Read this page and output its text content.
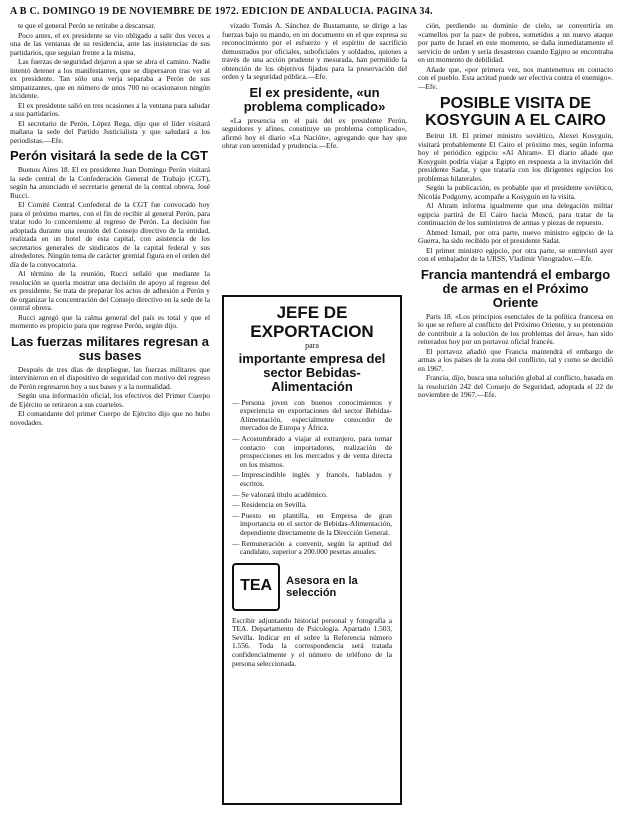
A B C. DOMINGO 19 DE NOVIEMBRE DE 1972. EDICION DE ANDALUCIA. PAGINA 34.

te que el general Perón se retirabe a descansar.

Poco antes, el ex presidente se vio obligado a salir dos veces a una de las ventanas de su residencia, ante las insistencias de sus partidarios, que seguían frente a la misma.

Las fuerzas de seguridad dejaron a que se abra el camino. Nadie intentó detener a los manifestantes, que se dispersaron tras ver al ex presidente. Tan sólo una verja separaba a Perón de sus simpatizantes, que en número de unos 700 no ocasionaron ningún incidente.

El ex presidente salió en tres ocasiones a la ventana para saludar a sus partidarios.

El secretario de Perón, López Rega, dijo que el líder visitará mañana la sede del Partido Justicialista y que saludará a los periodistas.—Efe.

Perón visitará la sede de la CGT

Buenos Aires 18. El ex presidente Juan Domingo Perón visitará la sede central de la Confederación General de Trabajo (CGT), según ha anunciado el secretario general de la central obrera, José Rucci.

El Comité Central Confederal de la CGT fue convocado hoy para el próximo martes, con el fin de recibir al general Perón, para tratar todo lo concerniente al regreso de Perón. La decisión fue adoptada durante una reunión del Consejo directivo de la entidad, realizada en un hotel de esta capital, con asistencia de los secretarios generales de sindicatos de la capital federal y sus alrededores. Ningún tema de carácter gremial figura en el orden del día de la convocatoria.

Al término de la reunión, Rucci señaló que mediante la resolución se quería mostrar una decisión de apoyo al regreso del ex presidente. Se trata de preparar los actos de adhesión a Perón y de organizar la concentración del Consejo directivo en la sede de la central obrera.

Rucci agregó que la calma general del país es total y que el momento es propicio para que regrese Perón, según dijo.

Las fuerzas militares regresan a sus bases

Después de tres días de despliegue, las fuerzas militares que intervinieron en el dispositivo de seguridad con motivo del regreso de Perón regresaron hoy a sus bases y a la normalidad.

Según una información oficial, los efectivos del Primer Cuerpo de Ejército se retiraron a sus cuarteles.

El comandante del primer Cuerpo de Ejército dijo que no hubo novedades.

vizado Tomás A. Sánchez de Bustamante, se dirige a las fuerzas bajo su mando, en un documento en el que expresa su reconocimiento por el esfuerzo y el espíritu de sacrificio demostrados por oficiales, suboficiales y soldados, quienes a través de una acción prudente y mesurada, han permitido la obtención de los objetivos fijados para la preservación del orden y la seguridad pública.—Efe.

El ex presidente, «un problema complicado»

«La presencia en el país del ex presidente Perón, seguidores y afines, constituye un problema complicado», afirmó hoy el diario «La Nación», agregando que hay que obrar con serenidad y prudencia.—Efe.

JEFE DE EXPORTACION
para
importante empresa del sector Bebidas-Alimentación
— Persona joven con buenos conocimientos y experiencia en exportaciones del sector Bebidas-Alimentación, especialmente conocedor de mercados de Europa y África.
— Acostumbrado a viajar al extranjero, para tomar contacto con importadores, realización de prospecciones en los mercados y de venta directa en los mismos.
— Imprescindible inglés y francés, hablados y escritos.
— Se valorará título académico.
— Residencia en Sevilla.
— Puesto en plantilla, en Empresa de gran importancia en el sector de Bebidas-Alimentación, dependiente directamente de la Dirección General.
— Remuneración a convenir, según la aptitud del candidato, superior a 200.000 pesetas anuales.
TEA	Asesora en la selección
Escribir adjuntando historial personal y fotografía a TEA. Departamento de Psicología. Apartado 1.503, Sevilla. Indicar en el sobre la Referencia número 1.556. Toda la correspondencia será tratada confidencialmente y el número de teléfono de la persona seleccionada.

ción, perdiendo su dominio de cielo, se convertiría en «camellos por la paz» de pobres, sometidos a un nuevo ataque por parte de Israel en este momento, se daña inmediatamente el servicio de orden y sería desastroso cuando Egipto se encontraba en un momento de debilidad.

Añade que, «por primera vez, nos mantenemos en contacto con el pueblo. Esta actitud puede ser efectiva contra el enemigo».—Efe.

POSIBLE VISITA DE KOSYGUIN A EL CAIRO

Beirut 18. El primer ministro soviético, Alexei Kosyguin, visitará probablemente El Cairo el próximo mes, según informa hoy el periódico egipcio «Al Ahram». El diario añade que Kosyguin podría viajar a Egipto en respuesta a la invitación del presidente Sadat, y que trataría con los dirigentes egipcios los problemas bilaterales.

Según la publicación, es probable que el presidente soviético, Nicolás Podgorny, acompañe a Kosyguin en la visita.

Al Ahram informa igualmente que una delegación militar egipcia partirá de El Cairo hacia Moscú, para tratar de la continuación de los suministros de armas y piezas de repuesto.

Ahmed Ismail, por otra parte, nuevo ministro egipcio de la Guerra, ha sido recibido por el presidente Sadat.

El primer ministro egipcio, por otra parte, se entrevistó ayer con el embajador de la URSS, Vladimir Vinogradov.—Efe.

Francia mantendrá el embargo de armas en el Próximo Oriente

París 18. «Los principios esenciales de la política francesa en lo que se refiere al conflicto del Próximo Oriente, y su pretensión de contribuir a la solución de los problemas del área», han sido reiterados hoy por un portavoz oficial francés.

El portavoz añadió que Francia mantendrá el embargo de armas a los países de la zona del conflicto, tal y como se decidió en 1967.

Francia, dijo, busca una solución global al conflicto, basada en la resolución 242 del Consejo de Seguridad, adoptada el 22 de noviembre de 1967.—Efe.
